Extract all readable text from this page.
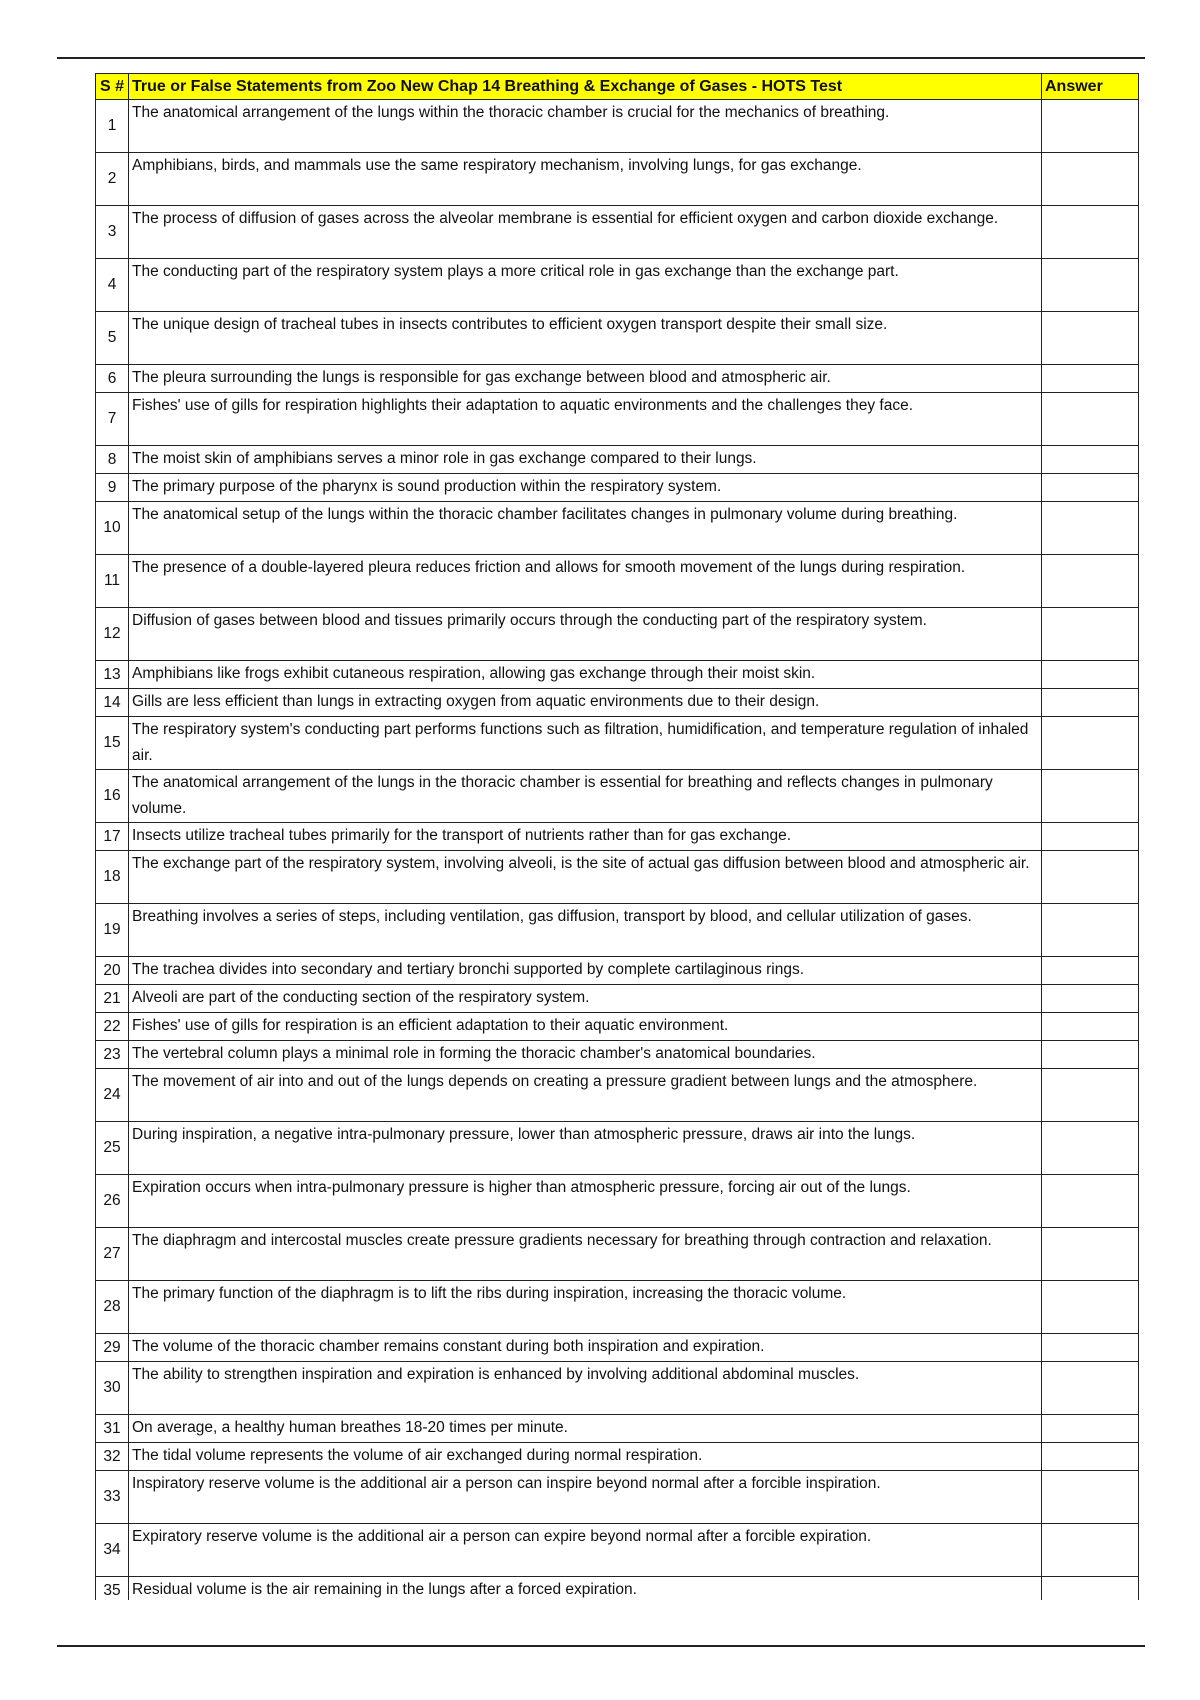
S #	True or False Statements from Zoo New Chap 14 Breathing & Exchange of Gases - HOTS Test	Answer
1	The anatomical arrangement of the lungs within the thoracic chamber is crucial for the mechanics of breathing.	
2	Amphibians, birds, and mammals use the same respiratory mechanism, involving lungs, for gas exchange.	
3	The process of diffusion of gases across the alveolar membrane is essential for efficient oxygen and carbon dioxide exchange.	
4	The conducting part of the respiratory system plays a more critical role in gas exchange than the exchange part.	
5	The unique design of tracheal tubes in insects contributes to efficient oxygen transport despite their small size.	
6	The pleura surrounding the lungs is responsible for gas exchange between blood and atmospheric air.	
7	Fishes' use of gills for respiration highlights their adaptation to aquatic environments and the challenges they face.	
8	The moist skin of amphibians serves a minor role in gas exchange compared to their lungs.	
9	The primary purpose of the pharynx is sound production within the respiratory system.	
10	The anatomical setup of the lungs within the thoracic chamber facilitates changes in pulmonary volume during breathing.	
11	The presence of a double-layered pleura reduces friction and allows for smooth movement of the lungs during respiration.	
12	Diffusion of gases between blood and tissues primarily occurs through the conducting part of the respiratory system.	
13	Amphibians like frogs exhibit cutaneous respiration, allowing gas exchange through their moist skin.	
14	Gills are less efficient than lungs in extracting oxygen from aquatic environments due to their design.	
15	The respiratory system's conducting part performs functions such as filtration, humidification, and temperature regulation of inhaled air.	
16	The anatomical arrangement of the lungs in the thoracic chamber is essential for breathing and reflects changes in pulmonary volume.	
17	Insects utilize tracheal tubes primarily for the transport of nutrients rather than for gas exchange.	
18	The exchange part of the respiratory system, involving alveoli, is the site of actual gas diffusion between blood and atmospheric air.	
19	Breathing involves a series of steps, including ventilation, gas diffusion, transport by blood, and cellular utilization of gases.	
20	The trachea divides into secondary and tertiary bronchi supported by complete cartilaginous rings.	
21	Alveoli are part of the conducting section of the respiratory system.	
22	Fishes' use of gills for respiration is an efficient adaptation to their aquatic environment.	
23	The vertebral column plays a minimal role in forming the thoracic chamber's anatomical boundaries.	
24	The movement of air into and out of the lungs depends on creating a pressure gradient between lungs and the atmosphere.	
25	During inspiration, a negative intra-pulmonary pressure, lower than atmospheric pressure, draws air into the lungs.	
26	Expiration occurs when intra-pulmonary pressure is higher than atmospheric pressure, forcing air out of the lungs.	
27	The diaphragm and intercostal muscles create pressure gradients necessary for breathing through contraction and relaxation.	
28	The primary function of the diaphragm is to lift the ribs during inspiration, increasing the thoracic volume.	
29	The volume of the thoracic chamber remains constant during both inspiration and expiration.	
30	The ability to strengthen inspiration and expiration is enhanced by involving additional abdominal muscles.	
31	On average, a healthy human breathes 18-20 times per minute.	
32	The tidal volume represents the volume of air exchanged during normal respiration.	
33	Inspiratory reserve volume is the additional air a person can inspire beyond normal after a forcible inspiration.	
34	Expiratory reserve volume is the additional air a person can expire beyond normal after a forcible expiration.	
35	Residual volume is the air remaining in the lungs after a forced expiration.	
